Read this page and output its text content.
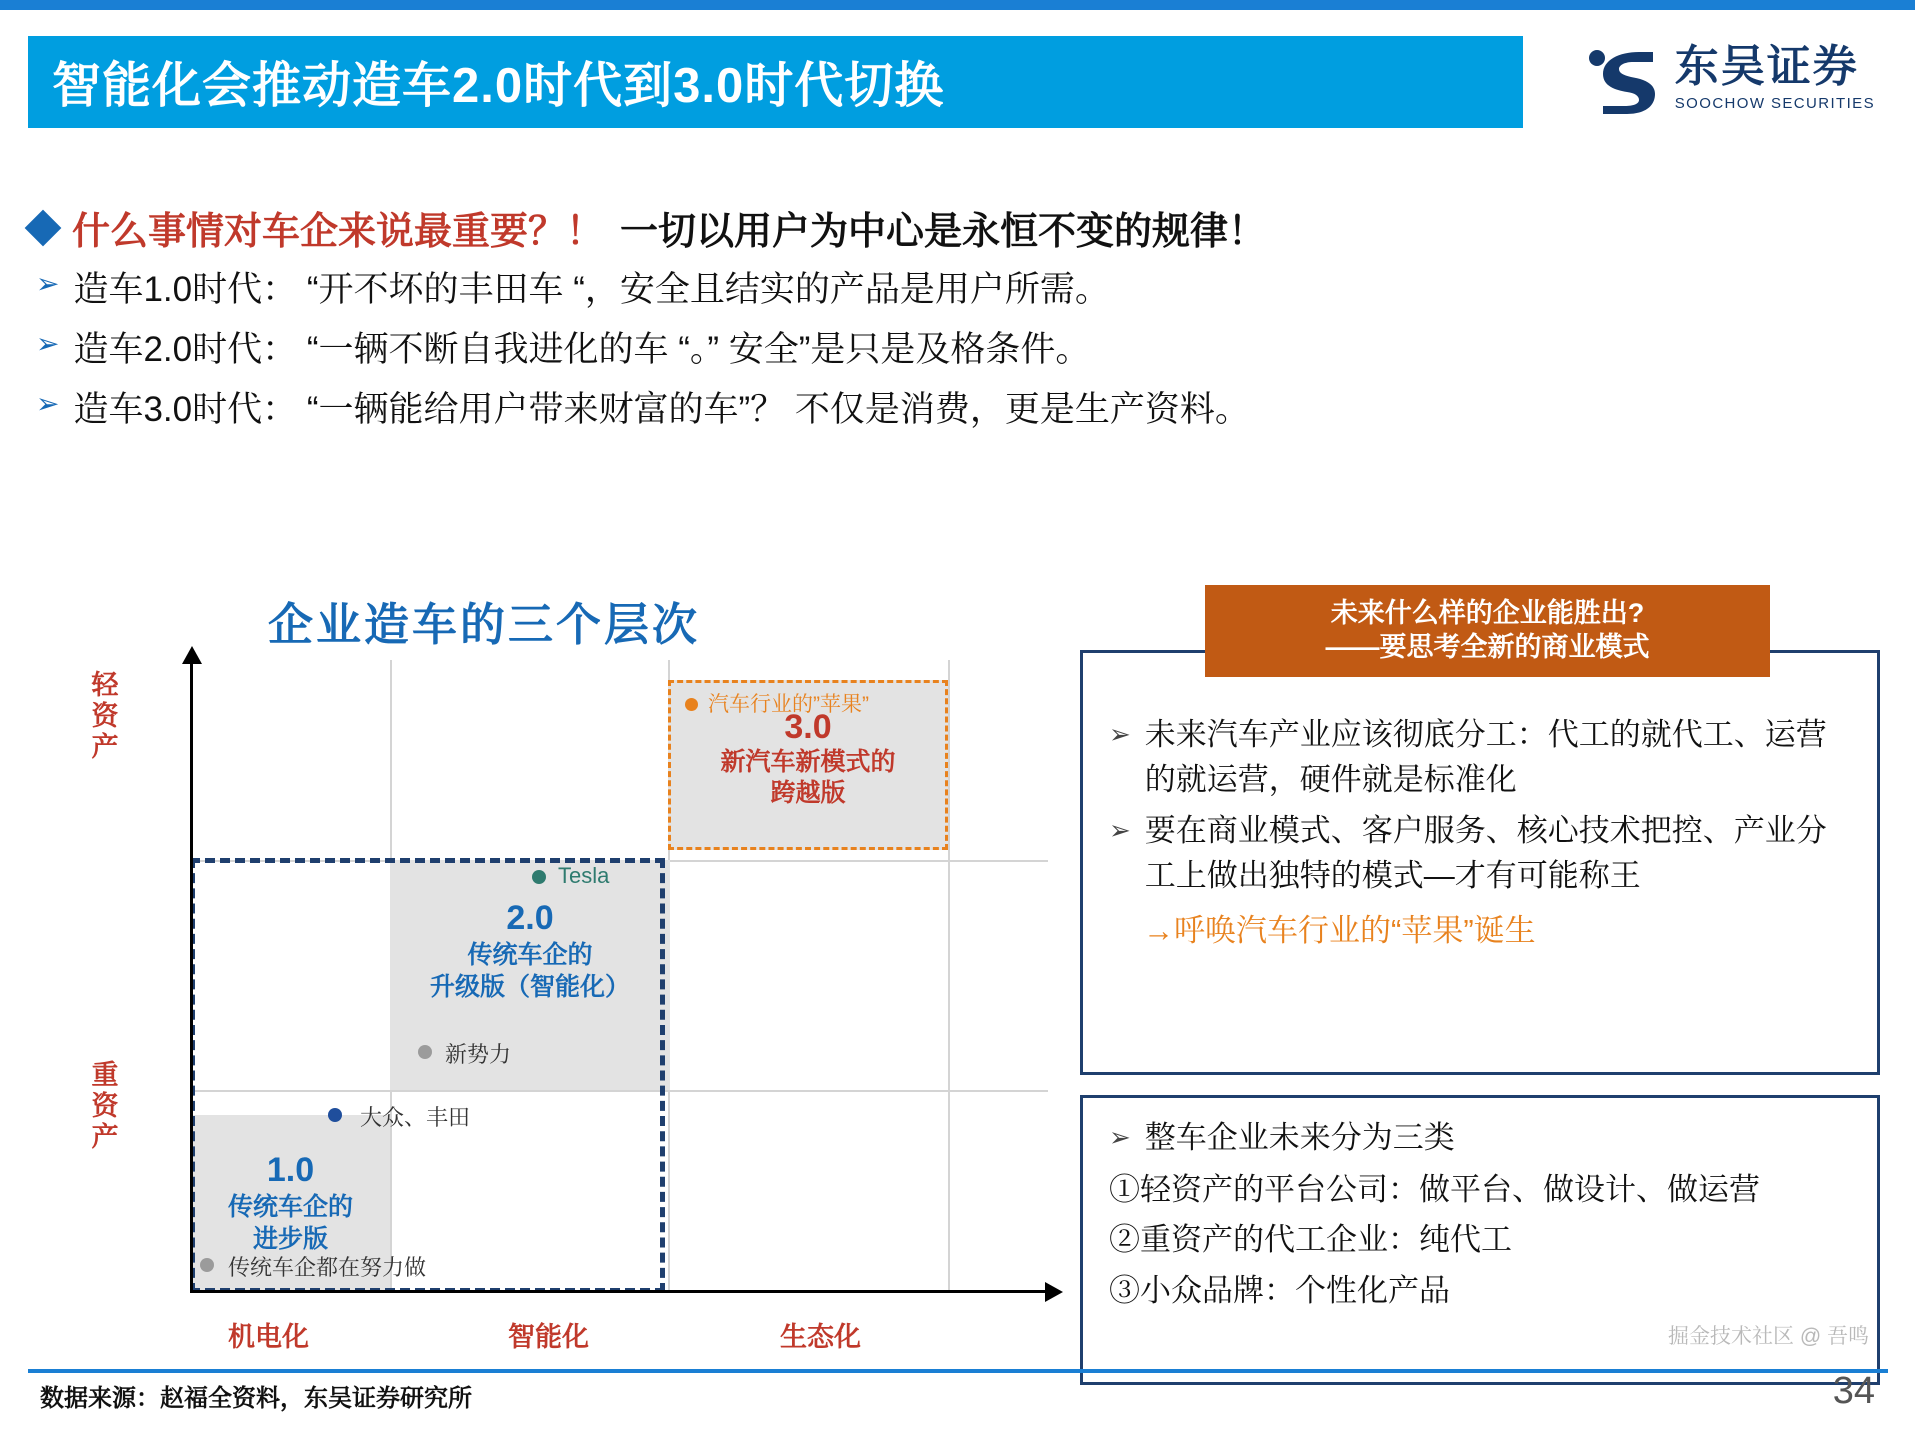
智能化会推动造车2.0时代到3.0时代切换	东吴证券
SOOCHOW SECURITIES
什么事情对车企来说最重要？！ 一切以用户为中心是永恒不变的规律！
➢ 造车1.0时代： “开不坏的丰田车 “，安全且结实的产品是用户所需。
➢ 造车2.0时代： “一辆不断自我进化的车 “。” 安全”是只是及格条件。
➢ 造车3.0时代： “一辆能给用户带来财富的车”？ 不仅是消费，更是生产资料。
企业造车的三个层次
轻资产
重资产
机电化	智能化	生态化
汽车行业的”苹果”
3.0
新汽车新模式的
跨越版
Tesla
2.0
传统车企的
升级版（智能化）
新势力
大众、丰田
1.0
传统车企的
进步版
传统车企都在努力做
➢ 未来汽车产业应该彻底分工：代工的就代工、运营的就运营，硬件就是标准化
➢ 要在商业模式、客户服务、核心技术把控、产业分工上做出独特的模式—才有可能称王
→呼唤汽车行业的“苹果”诞生
未来什么样的企业能胜出?
——要思考全新的商业模式
➢ 整车企业未来分为三类
①轻资产的平台公司：做平台、做设计、做运营
②重资产的代工企业：纯代工
③小众品牌：个性化产品
掘金技术社区 @ 吾鸣
数据来源：赵福全资料，东吴证券研究所	34
